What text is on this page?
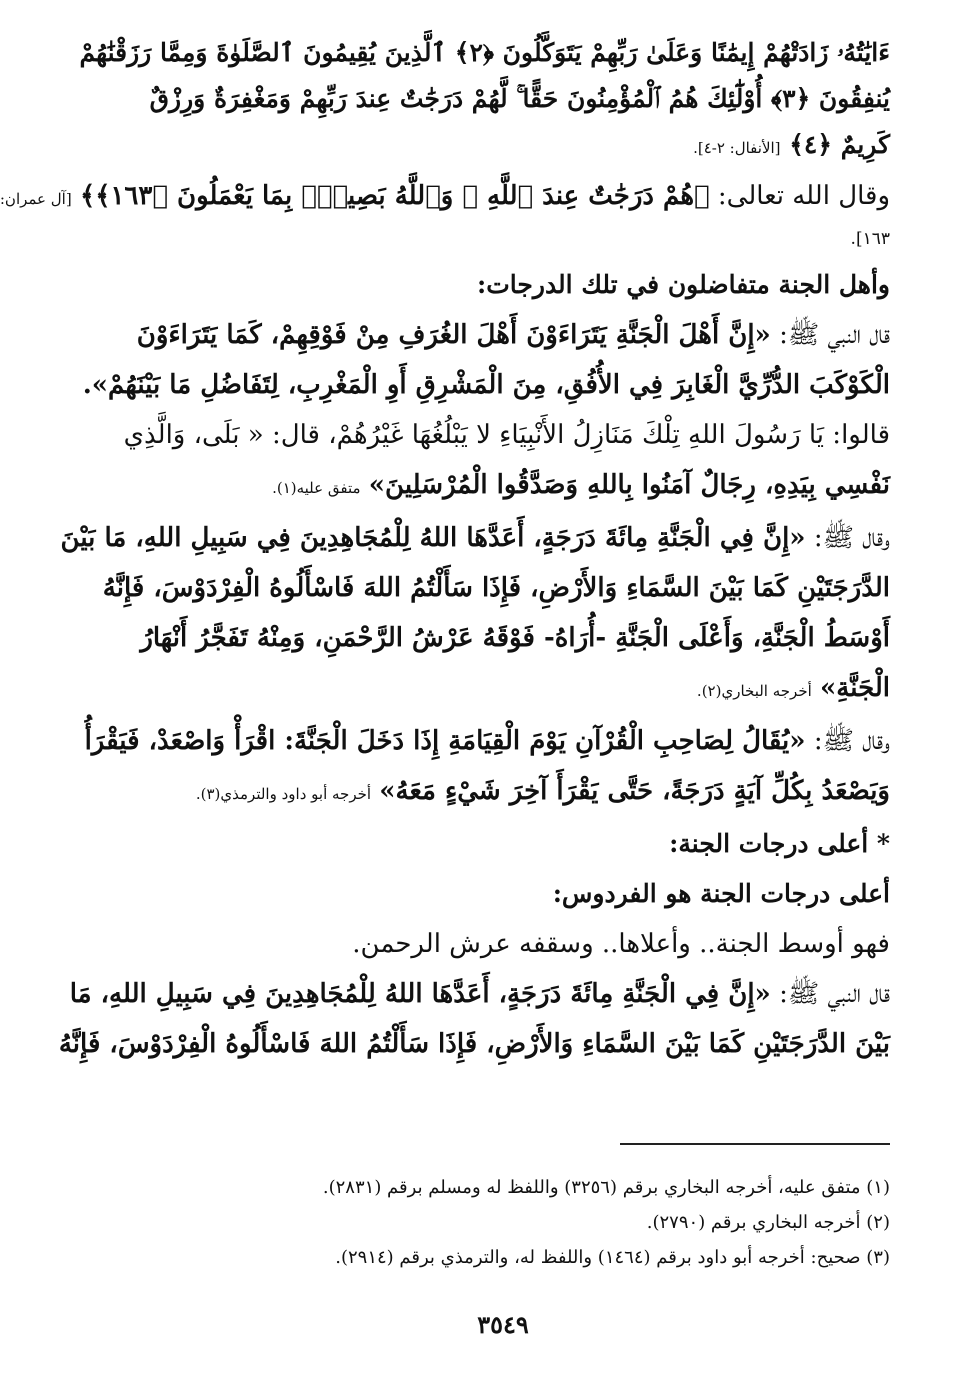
ءَايَٰتُهُۥ زَادَتْهُمْ إِيمَٰنًا وَعَلَىٰ رَبِّهِمْ يَتَوَكَّلُونَ ﴿٢﴾ ٱلَّذِينَ يُقِيمُونَ ٱلصَّلَوٰةَ وَمِمَّا رَزَقْنَٰهُمْ
يُنفِقُونَ ﴿٣﴾ أُوْلَٰٓئِكَ هُمُ ٱلْمُؤْمِنُونَ حَقًّا ۚ لَّهُمْ دَرَجَٰتٌ عِندَ رَبِّهِمْ وَمَغْفِرَةٌ وَرِزْقٌ
كَرِيمٌ ﴿٤﴾ [الأنفال: ٢-٤].
وقال الله تعالى: ﴿هُمْ دَرَجَٰتٌ عِندَ ٱللَّهِ ۗ وَٱللَّهُ بَصِيرٌۢ بِمَا يَعْمَلُونَ ﴿١٦٣﴾﴾ [آل عمران:
١٦٣].
وأهل الجنة متفاضلون في تلك الدرجات:
قال النبي ﷺ: «إِنَّ أَهْلَ الْجَنَّةِ يَتَرَاءَوْنَ أَهْلَ الغُرَفِ مِنْ فَوْقِهِمْ، كَمَا يَتَرَاءَوْنَ
الْكَوْكَبَ الدُّرِّيَّ الْغَابِرَ فِي الأُفُقِ، مِنَ الْمَشْرِقِ أَوِ الْمَغْرِبِ، لِتَفَاضُلِ مَا بَيْنَهُمْ».
قالوا: يَا رَسُولَ اللهِ تِلْكَ مَنَازِلُ الأَنْبِيَاءِ لا يَبْلُغُهَا غَيْرُهُمْ، قال: « بَلَى، وَالَّذِي
نَفْسِي بِيَدِهِ، رِجَالٌ آمَنُوا بِاللهِ وَصَدَّقُوا الْمُرْسَلِينَ» متفق عليه(١).
وقال ﷺ: «إِنَّ فِي الْجَنَّةِ مِائَةَ دَرَجَةٍ، أَعَدَّهَا اللهُ لِلْمُجَاهِدِينَ فِي سَبِيلِ اللهِ، مَا بَيْنَ
الدَّرَجَتَيْنِ كَمَا بَيْنَ السَّمَاءِ وَالأَرْضِ، فَإِذَا سَأَلْتُمُ اللهَ فَاسْأَلُوهُ الْفِرْدَوْسَ، فَإِنَّهُ
أَوْسَطُ الْجَنَّةِ، وَأَعْلَى الْجَنَّةِ -أُرَاهُ- فَوْقَهُ عَرْشُ الرَّحْمَنِ، وَمِنْهُ تَفَجَّرُ أَنْهَارُ
الْجَنَّةِ» أخرجه البخاري(٢).
وقال ﷺ: «يُقَالُ لِصَاحِبِ الْقُرْآنِ يَوْمَ الْقِيَامَةِ إِذَا دَخَلَ الْجَنَّةَ: اقْرَأْ وَاصْعَدْ، فَيَقْرَأُ
وَيَصْعَدُ بِكُلِّ آيَةٍ دَرَجَةً، حَتَّى يَقْرَأَ آخِرَ شَيْءٍ مَعَهُ» أخرجه أبو داود والترمذي(٣).
* أعلى درجات الجنة:
أعلى درجات الجنة هو الفردوس:
فهو أوسط الجنة.. وأعلاها.. وسقفه عرش الرحمن.
قال النبي ﷺ: «إِنَّ فِي الْجَنَّةِ مِائَةَ دَرَجَةٍ، أَعَدَّهَا اللهُ لِلْمُجَاهِدِينَ فِي سَبِيلِ اللهِ، مَا
بَيْنَ الدَّرَجَتَيْنِ كَمَا بَيْنَ السَّمَاءِ وَالأَرْضِ، فَإِذَا سَأَلْتُمُ اللهَ فَاسْأَلُوهُ الْفِرْدَوْسَ، فَإِنَّهُ
(١) متفق عليه، أخرجه البخاري برقم (٣٢٥٦) واللفظ له ومسلم برقم (٢٨٣١).
(٢) أخرجه البخاري برقم (٢٧٩٠).
(٣) صحيح: أخرجه أبو داود برقم (١٤٦٤) واللفظ له، والترمذي برقم (٢٩١٤).
٣٥٤٩
